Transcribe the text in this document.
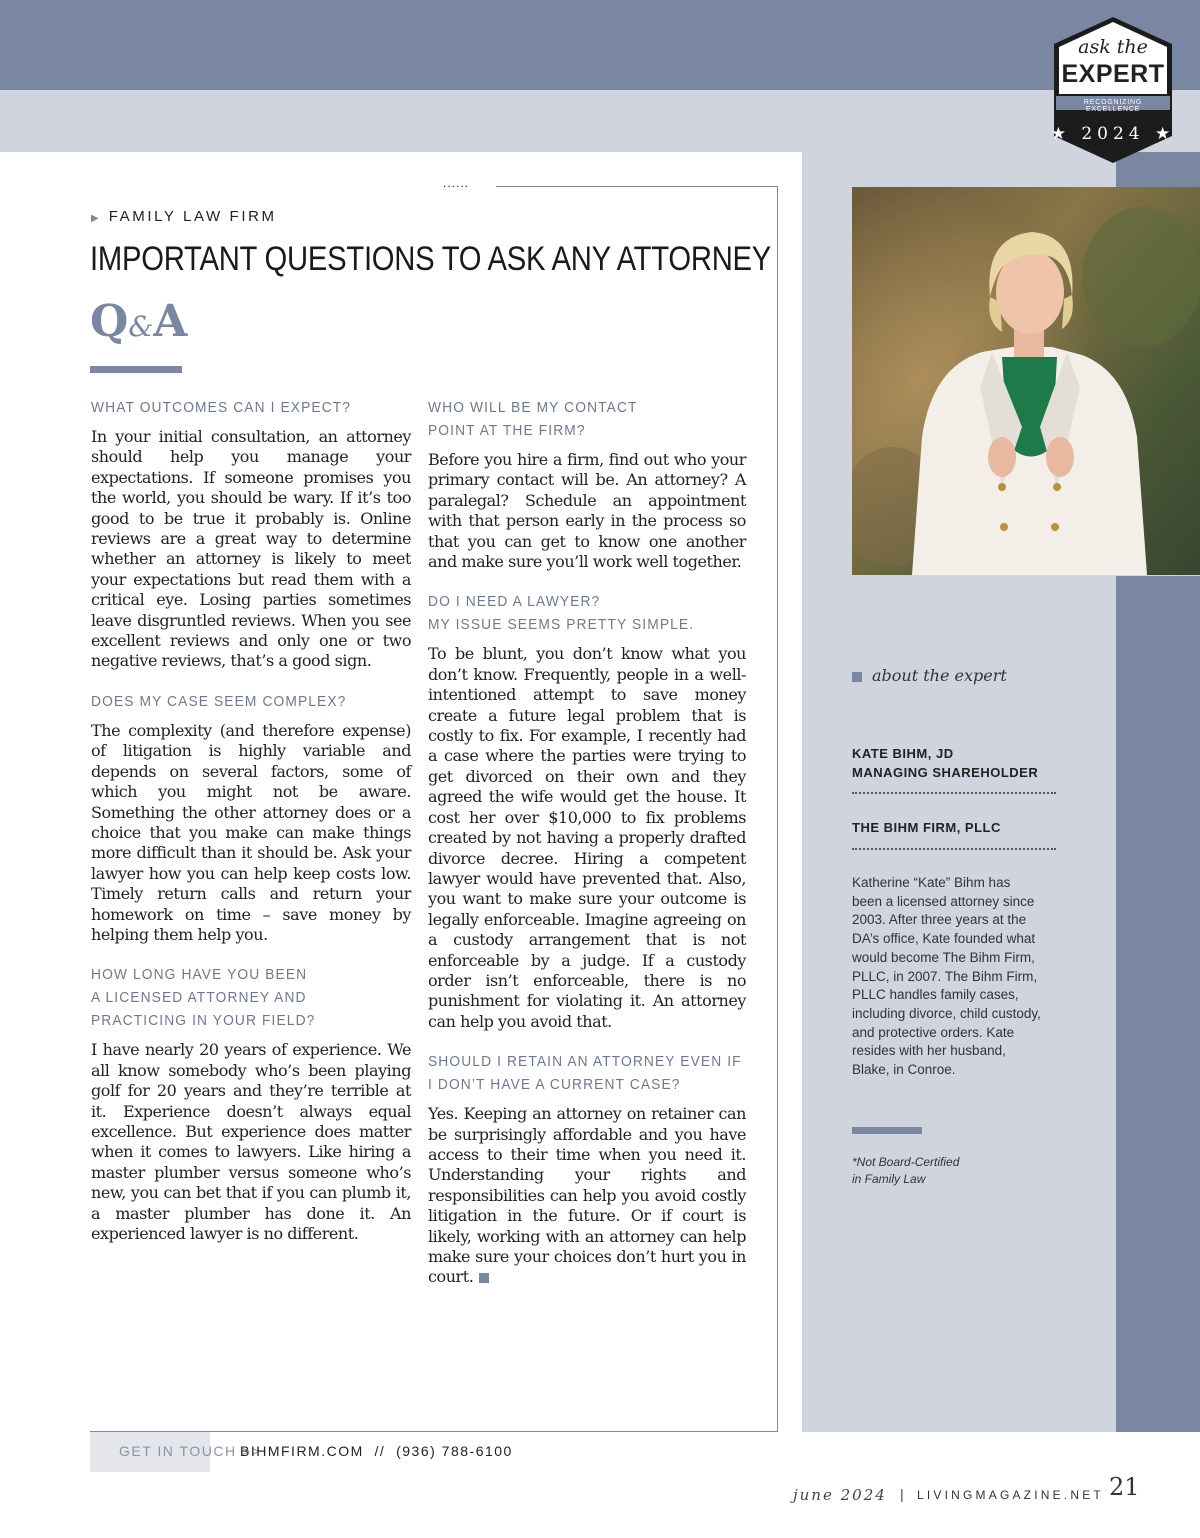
ask the
EXPERT
RECOGNIZING EXCELLENCE
★ 2024 ★
......
▶ FAMILY LAW FIRM
IMPORTANT QUESTIONS TO ASK ANY ATTORNEY
Q&A
WHAT OUTCOMES CAN I EXPECT?

In your initial consultation, an attorney should help you manage your expectations. If someone promises you the world, you should be wary. If it’s too good to be true it probably is. Online reviews are a great way to determine whether an attorney is likely to meet your expectations but read them with a critical eye. Losing parties sometimes leave disgruntled reviews. When you see excellent reviews and only one or two negative reviews, that’s a good sign.

DOES MY CASE SEEM COMPLEX?

The complexity (and therefore expense) of litigation is highly variable and depends on several factors, some of which you might not be aware. Something the other attorney does or a choice that you make can make things more difficult than it should be. Ask your lawyer how you can help keep costs low. Timely return calls and return your homework on time – save money by helping them help you.

HOW LONG HAVE YOU BEEN
A LICENSED ATTORNEY AND
PRACTICING IN YOUR FIELD?

I have nearly 20 years of experience. We all know somebody who’s been playing golf for 20 years and they’re terrible at it. Experience doesn’t always equal excellence. But experience does matter when it comes to lawyers. Like hiring a master plumber versus someone who’s new, you can bet that if you can plumb it, a master plumber has done it. An experienced lawyer is no different.

WHO WILL BE MY CONTACT
POINT AT THE FIRM?

Before you hire a firm, find out who your primary contact will be. An attorney? A paralegal? Schedule an appointment with that person early in the process so that you can get to know one another and make sure you’ll work well together.

DO I NEED A LAWYER?
MY ISSUE SEEMS PRETTY SIMPLE.

To be blunt, you don’t know what you don’t know. Frequently, people in a well-intentioned attempt to save money create a future legal problem that is costly to fix. For example, I recently had a case where the parties were trying to get divorced on their own and they agreed the wife would get the house. It cost her over $10,000 to fix problems created by not having a properly drafted divorce decree. Hiring a competent lawyer would have prevented that. Also, you want to make sure your outcome is legally enforceable. Imagine agreeing on a custody arrangement that is not enforceable by a judge. If a custody order isn’t enforceable, there is no punishment for violating it. An attorney can help you avoid that.

SHOULD I RETAIN AN ATTORNEY EVEN IF
I DON’T HAVE A CURRENT CASE?

Yes. Keeping an attorney on retainer can be surprisingly affordable and you have access to their time when you need it. Understanding your rights and responsibilities can help you avoid costly litigation in the future. Or if court is likely, working with an attorney can help make sure your choices don’t hurt you in court.

about the expert
KATE BIHM, JD
MANAGING SHAREHOLDER
THE BIHM FIRM, PLLC
Katherine “Kate” Bihm has been a licensed attorney since 2003. After three years at the DA’s office, Kate founded what would become The Bihm Firm, PLLC, in 2007. The Bihm Firm, PLLC handles family cases, including divorce, child custody, and protective orders. Kate resides with her husband, Blake, in Conroe.
*Not Board-Certified
in Family Law
GET IN TOUCH >>
BIHMFIRM.COM  //  (936) 788-6100
june 2024 | LIVINGMAGAZINE.NET 21
